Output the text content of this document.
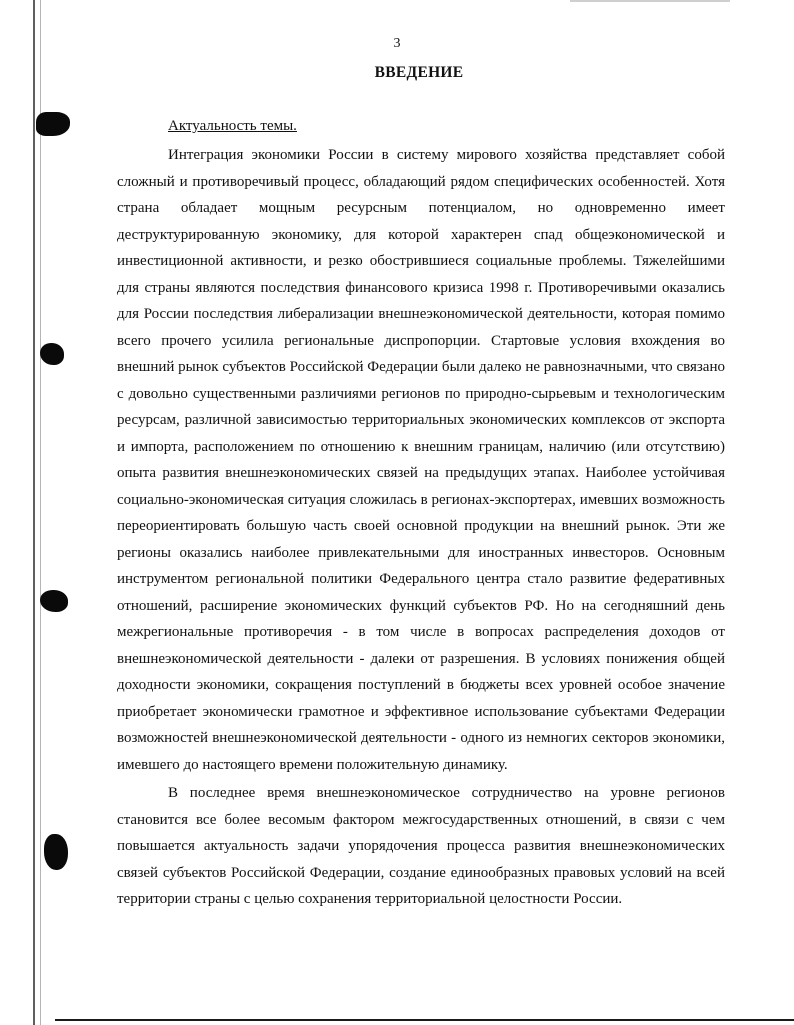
3
ВВЕДЕНИЕ
Актуальность темы.

Интеграция экономики России в систему мирового хозяйства представляет собой сложный и противоречивый процесс, обладающий рядом специфических особенностей. Хотя страна обладает мощным ресурсным потенциалом, но одновременно имеет деструктурированную экономику, для которой характерен спад общеэкономической и инвестиционной активности, и резко обострившиеся социальные проблемы. Тяжелейшими для страны являются последствия финансового кризиса 1998 г. Противоречивыми оказались для России последствия либерализации внешнеэкономической деятельности, которая помимо всего прочего усилила региональные диспропорции. Стартовые условия вхождения во внешний рынок субъектов Российской Федерации были далеко не равнозначными, что связано с довольно существенными различиями регионов по природно-сырьевым и технологическим ресурсам, различной зависимостью территориальных экономических комплексов от экспорта и импорта, расположением по отношению к внешним границам, наличию (или отсутствию) опыта развития внешнеэкономических связей на предыдущих этапах. Наиболее устойчивая социально-экономическая ситуация сложилась в регионах-экспортерах, имевших возможность переориентировать большую часть своей основной продукции на внешний рынок. Эти же регионы оказались наиболее привлекательными для иностранных инвесторов. Основным инструментом региональной политики Федерального центра стало развитие федеративных отношений, расширение экономических функций субъектов РФ. Но на сегодняшний день межрегиональные противоречия - в том числе в вопросах распределения доходов от внешнеэкономической деятельности - далеки от разрешения. В условиях понижения общей доходности экономики, сокращения поступлений в бюджеты всех уровней особое значение приобретает экономически грамотное и эффективное использование субъектами Федерации возможностей внешнеэкономической деятельности - одного из немногих секторов экономики, имевшего до настоящего времени положительную динамику.

В последнее время внешнеэкономическое сотрудничество на уровне регионов становится все более весомым фактором межгосударственных отношений, в связи с чем повышается актуальность задачи упорядочения процесса развития внешнеэкономических связей субъектов Российской Федерации, создание единообразных правовых условий на всей территории страны с целью сохранения территориальной целостности России.
